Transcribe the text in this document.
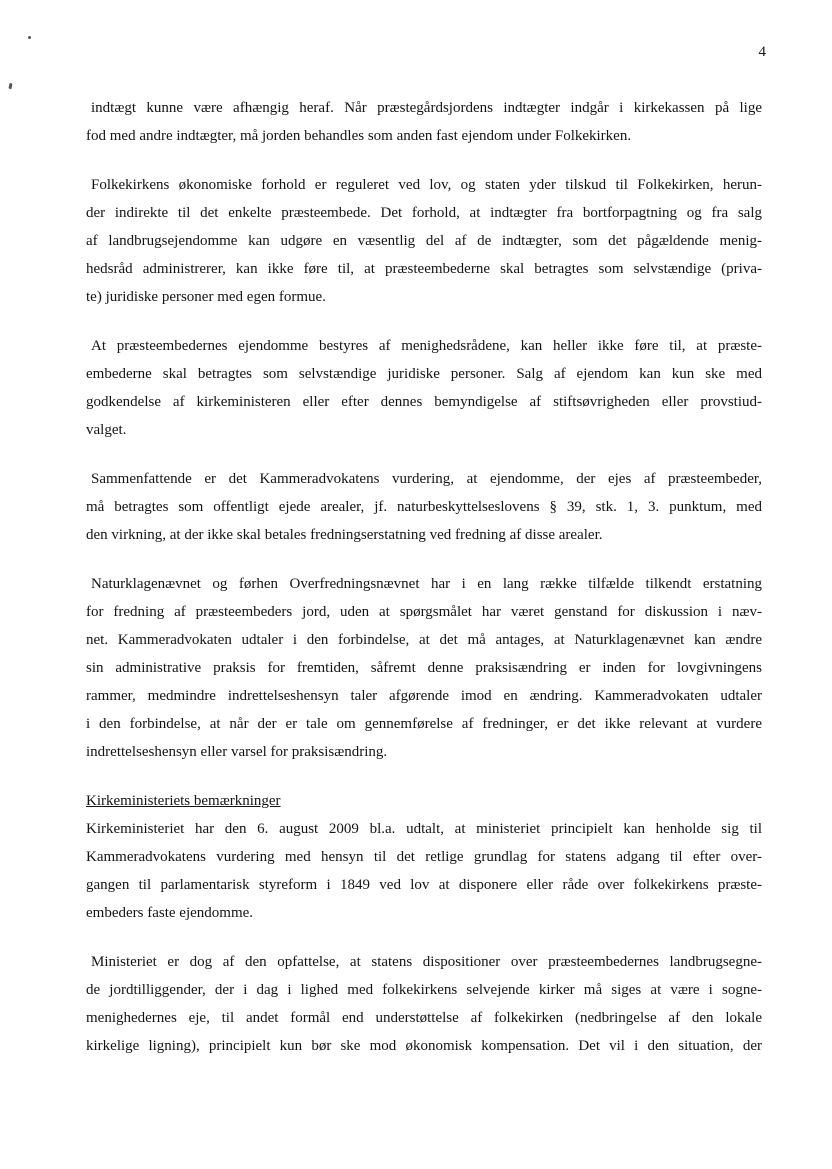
4

indtægt kunne være afhængig heraf. Når præstegårdsjordens indtægter indgår i kirkekassen på lige
fod med andre indtægter, må jorden behandles som anden fast ejendom under Folkekirken.

Folkekirkens økonomiske forhold er reguleret ved lov, og staten yder tilskud til Folkekirken, herun-
der indirekte til det enkelte præsteembede. Det forhold, at indtægter fra bortforpagtning og fra salg
af landbrugsejendomme kan udgøre en væsentlig del af de indtægter, som det pågældende menig-
hedsråd administrerer, kan ikke føre til, at præsteembederne skal betragtes som selvstændige (priva-
te) juridiske personer med egen formue.

At præsteembedernes ejendomme bestyres af menighedsrådene, kan heller ikke føre til, at præste-
embederne skal betragtes som selvstændige juridiske personer. Salg af ejendom kan kun ske med
godkendelse af kirkeministeren eller efter dennes bemyndigelse af stiftsøvrigheden eller provstiud-
valget.

Sammenfattende er det Kammeradvokatens vurdering, at ejendomme, der ejes af præsteembeder,
må betragtes som offentligt ejede arealer, jf. naturbeskyttelseslovens § 39, stk. 1, 3. punktum, med
den virkning, at der ikke skal betales fredningserstatning ved fredning af disse arealer.

Naturklagenævnet og førhen Overfredningsnævnet har i en lang række tilfælde tilkendt erstatning
for fredning af præsteembeders jord, uden at spørgsmålet har været genstand for diskussion i næv-
net. Kammeradvokaten udtaler i den forbindelse, at det må antages, at Naturklagenævnet kan ændre
sin administrative praksis for fremtiden, såfremt denne praksisændring er inden for lovgivningens
rammer, medmindre indrettelseshensyn taler afgørende imod en ændring. Kammeradvokaten udtaler
i den forbindelse, at når der er tale om gennemførelse af fredninger, er det ikke relevant at vurdere
indrettelseshensyn eller varsel for praksisændring.

Kirkeministeriets bemærkninger

Kirkeministeriet har den 6. august 2009 bl.a. udtalt, at ministeriet principielt kan henholde sig til
Kammeradvokatens vurdering med hensyn til det retlige grundlag for statens adgang til efter over-
gangen til parlamentarisk styreform i 1849 ved lov at disponere eller råde over folkekirkens præste-
embeders faste ejendomme.

Ministeriet er dog af den opfattelse, at statens dispositioner over præsteembedernes landbrugsegne-
de jordtilliggender, der i dag i lighed med folkekirkens selvejende kirker må siges at være i sogne-
menighedernes eje, til andet formål end understøttelse af folkekirken (nedbringelse af den lokale
kirkelige ligning), principielt kun bør ske mod økonomisk kompensation. Det vil i den situation, der
